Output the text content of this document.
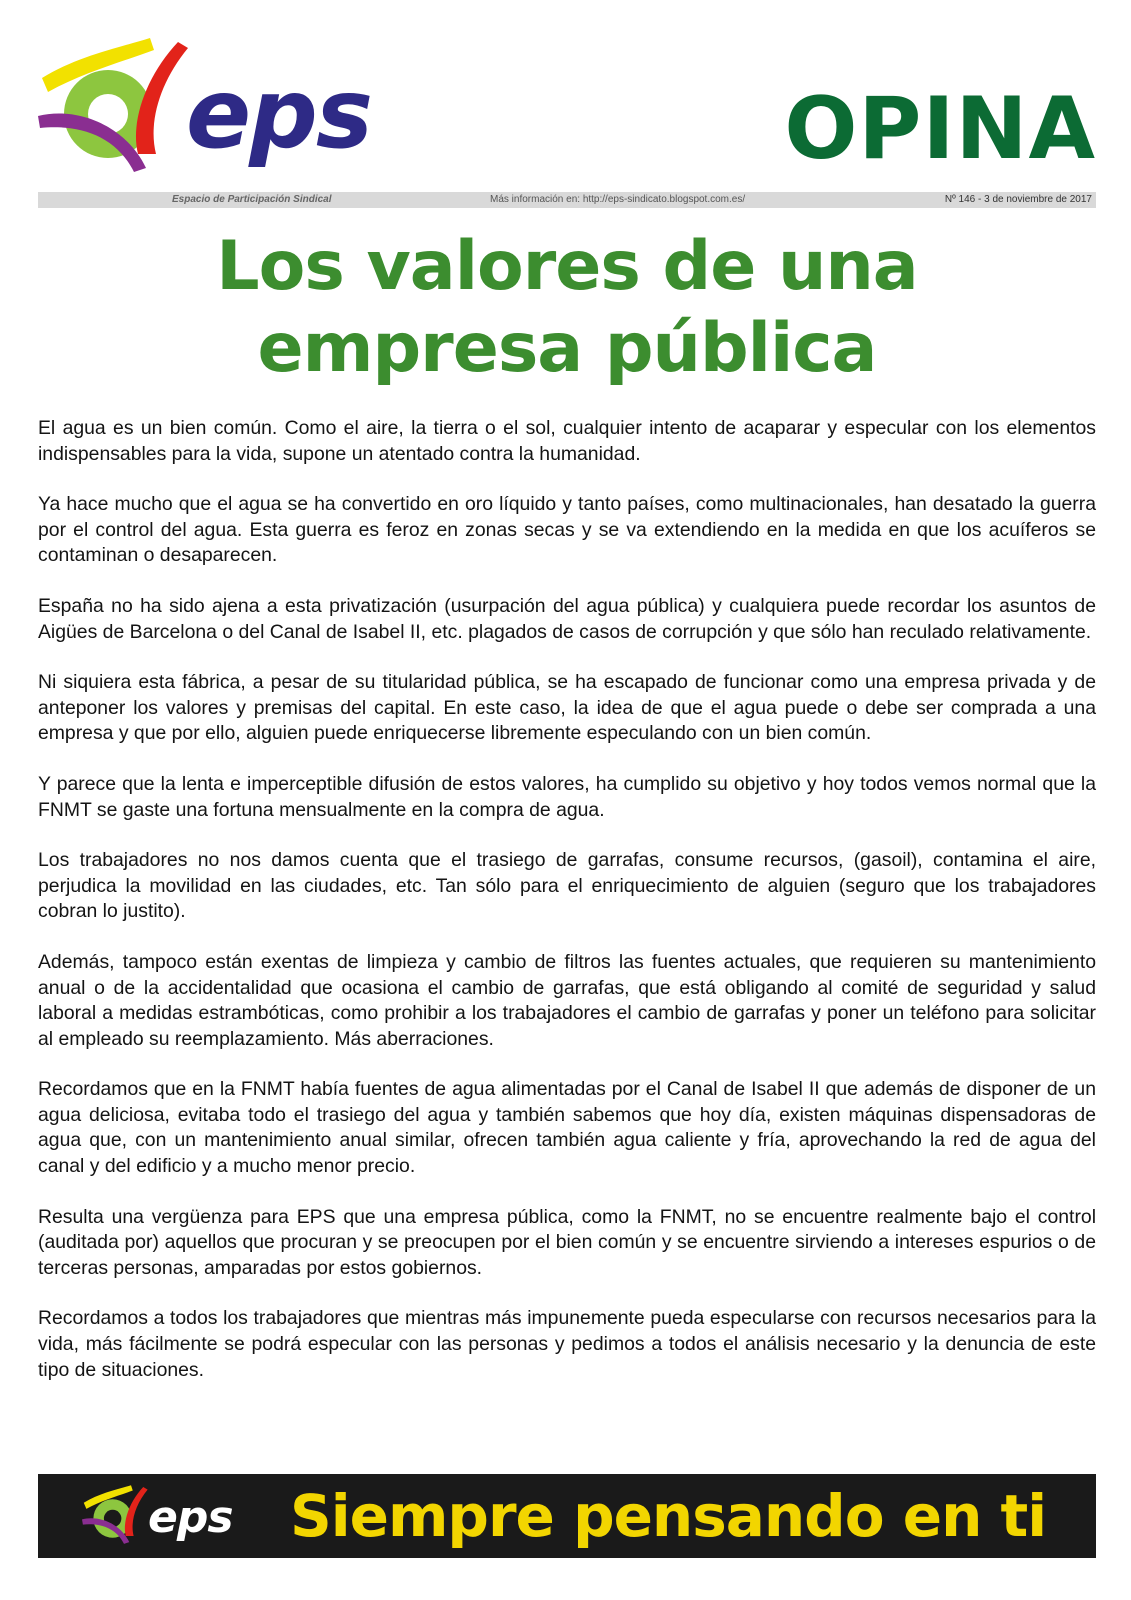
eps	OPINA
Espacio de Participación Sindical	Más información en: http://eps-sindicato.blogspot.com.es/	Nº 146 - 3 de noviembre de 2017
Los valores de una
empresa pública

El agua es un bien común. Como el aire, la tierra o el sol, cualquier intento de acaparar y especular con los elementos indispensables para la vida, supone un atentado contra la humanidad.

Ya hace mucho que el agua se ha convertido en oro líquido y tanto países, como multinacionales, han desatado la guerra por el control del agua. Esta guerra es feroz en zonas secas y se va extendiendo en la medida en que los acuíferos se contaminan o desaparecen.

España no ha sido ajena a esta privatización (usurpación del agua pública) y cualquiera puede recordar los asuntos de Aigües de Barcelona o del Canal de Isabel II, etc. plagados de casos de corrupción y que sólo han reculado relativamente.

Ni siquiera esta fábrica, a pesar de su titularidad pública, se ha escapado de funcionar como una empresa privada y de anteponer los valores y premisas del capital. En este caso, la idea de que el agua puede o debe ser comprada a una empresa y que por ello, alguien puede enriquecerse libremente especulando con un bien común.

Y parece que la lenta e imperceptible difusión de estos valores, ha cumplido su objetivo y hoy todos vemos normal que la FNMT se gaste una fortuna mensualmente en la compra de agua.

Los trabajadores no nos damos cuenta que el trasiego de garrafas, consume recursos, (gasoil), contamina el aire, perjudica la movilidad en las ciudades, etc. Tan sólo para el enriquecimiento de alguien (seguro que los trabajadores cobran lo justito).

Además, tampoco están exentas de limpieza y cambio de filtros las fuentes actuales, que requieren su mantenimiento anual o de la accidentalidad que ocasiona el cambio de garrafas, que está obligando al comité de seguridad y salud laboral a medidas estrambóticas, como prohibir a los trabajadores el cambio de garrafas y poner un teléfono para solicitar al empleado su reemplazamiento. Más aberraciones.

Recordamos que en la FNMT había fuentes de agua alimentadas por el Canal de Isabel II que además de disponer de un agua deliciosa, evitaba todo el trasiego del agua y también sabemos que hoy día, existen máquinas dispensadoras de agua que, con un mantenimiento anual similar, ofrecen también agua caliente y fría, aprovechando la red de agua del canal y del edificio y a mucho menor precio.

Resulta una vergüenza para EPS que una empresa pública, como la FNMT, no se encuentre realmente bajo el control (auditada por) aquellos que procuran y se preocupen por el bien común y se encuentre sirviendo a intereses espurios o de terceras personas, amparadas por estos gobiernos.

Recordamos a todos los trabajadores que mientras más impunemente pueda especularse con recursos necesarios para la vida, más fácilmente se podrá especular con las personas y pedimos a todos el análisis necesario y la denuncia de este tipo de situaciones.

eps Siempre pensando en ti
